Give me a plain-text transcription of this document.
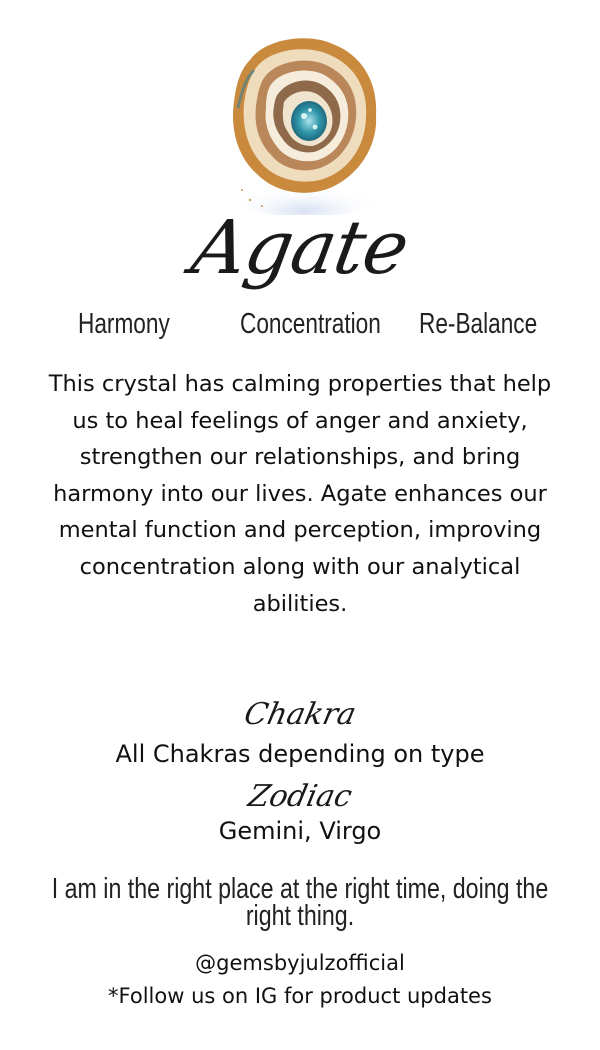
Agate
Harmony Concentration Re-Balance

This crystal has calming properties that help us to heal feelings of anger and anxiety, strengthen our relationships, and bring harmony into our lives. Agate enhances our mental function and perception, improving concentration along with our analytical abilities.

Chakra
All Chakras depending on type
Zodiac
Gemini, Virgo
I am in the right place at the right time, doing the right thing.
@gemsbyjulzofficial
*Follow us on IG for product updates
